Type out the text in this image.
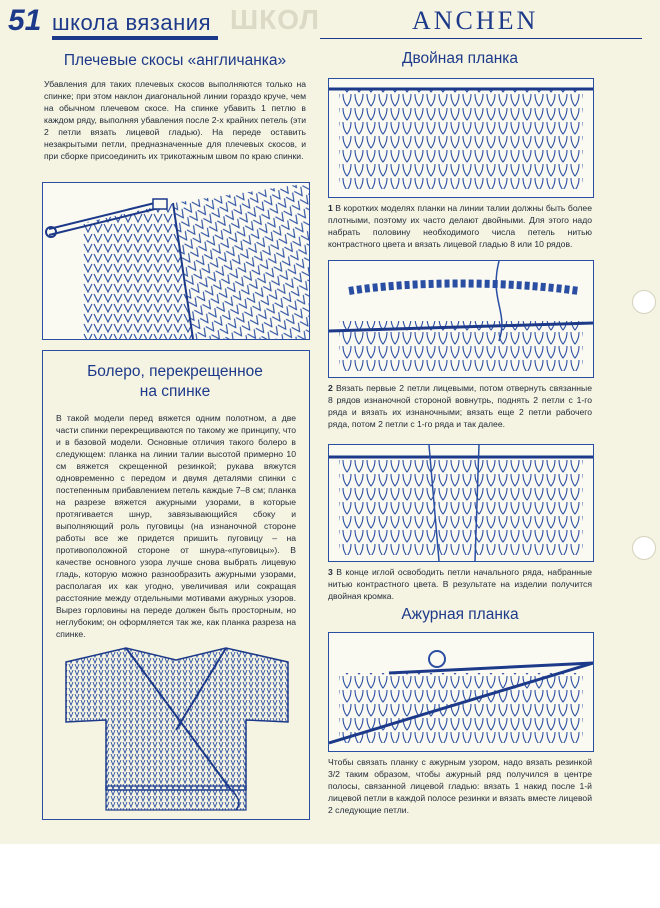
51 школа вязания ШКОЛ	ANCHEN
Плечевые скосы «англичанка»
Убавления для таких плечевых скосов выполняются только на спинке; при этом наклон диагональной линии гораздо круче, чем на обычном плечевом скосе. На спинке убавить 1 петлю в каждом ряду, выполняя убавления после 2-х крайних петель (эти 2 петли вязать лицевой гладью). На переде оставить незакрытыми петли, предназначенные для плечевых скосов, и при сборке присоединить их трикотажным швом по краю спинки.
Болеро, перекрещенное
на спинке
В такой модели перед вяжется одним полотном, а две части спинки перекрещиваются по такому же принципу, что и в базовой модели. Основные отличия такого болеро в следующем: планка на линии талии высотой примерно 10 см вяжется скрещенной резинкой; рукава вяжутся одновременно с передом и двумя деталями спинки с постепенным прибавлением петель каждые 7–8 см; планка на разрезе вяжется ажурными узорами, в которые протягивается шнур, завязывающийся сбоку и выполняющий роль пуговицы (на изнаночной стороне работы все же придется пришить пуговицу – на противоположной стороне от шнура-«пуговицы»). В качестве основного узора лучше снова выбрать лицевую гладь, которую можно разнообразить ажурными узорами, располагая их как угодно, увеличивая или сокращая расстояние между отдельными мотивами ажурных узоров. Вырез горловины на переде должен быть просторным, но неглубоким; он оформляется так же, как планка разреза на спинке.
Двойная планка
1 В коротких моделях планки на линии талии должны быть более плотными, поэтому их часто делают двойными. Для этого надо набрать половину необходимого числа петель нитью контрастного цвета и вязать лицевой гладью 8 или 10 рядов.
2 Вязать первые 2 петли лицевыми, потом отвернуть связанные 8 рядов изнаночной стороной вовнутрь, поднять 2 петли с 1-го ряда и вязать их изнаночными; вязать еще 2 петли рабочего ряда, потом 2 петли с 1-го ряда и так далее.
3 В конце иглой освободить петли начального ряда, набранные нитью контрастного цвета. В результате на изделии получится двойная кромка.
Ажурная планка
Чтобы связать планку с ажурным узором, надо вязать резинкой 3/2 таким образом, чтобы ажурный ряд получился в центре полосы, связанной лицевой гладью: вязать 1 накид после 1-й лицевой петли в каждой полосе резинки и вязать вместе лицевой 2 следующие петли.
